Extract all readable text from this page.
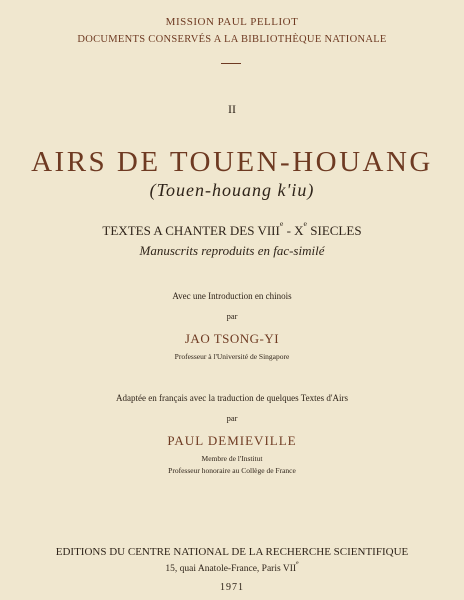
MISSION PAUL PELLIOT
DOCUMENTS CONSERVÉS A LA BIBLIOTHÈQUE NATIONALE
II
AIRS DE TOUEN-HOUANG
(Touen-houang k'iu)
TEXTES A CHANTER DES VIIIe - Xe SIECLES
Manuscrits reproduits en fac-similé
Avec une Introduction en chinois
par
JAO TSONG-YI
Professeur à l'Université de Singapore
Adaptée en français avec la traduction de quelques Textes d'Airs
par
PAUL DEMIEVILLE
Membre de l'Institut
Professeur honoraire au Collège de France
EDITIONS DU CENTRE NATIONAL DE LA RECHERCHE SCIENTIFIQUE
15, quai Anatole-France, Paris VIIe
1971
